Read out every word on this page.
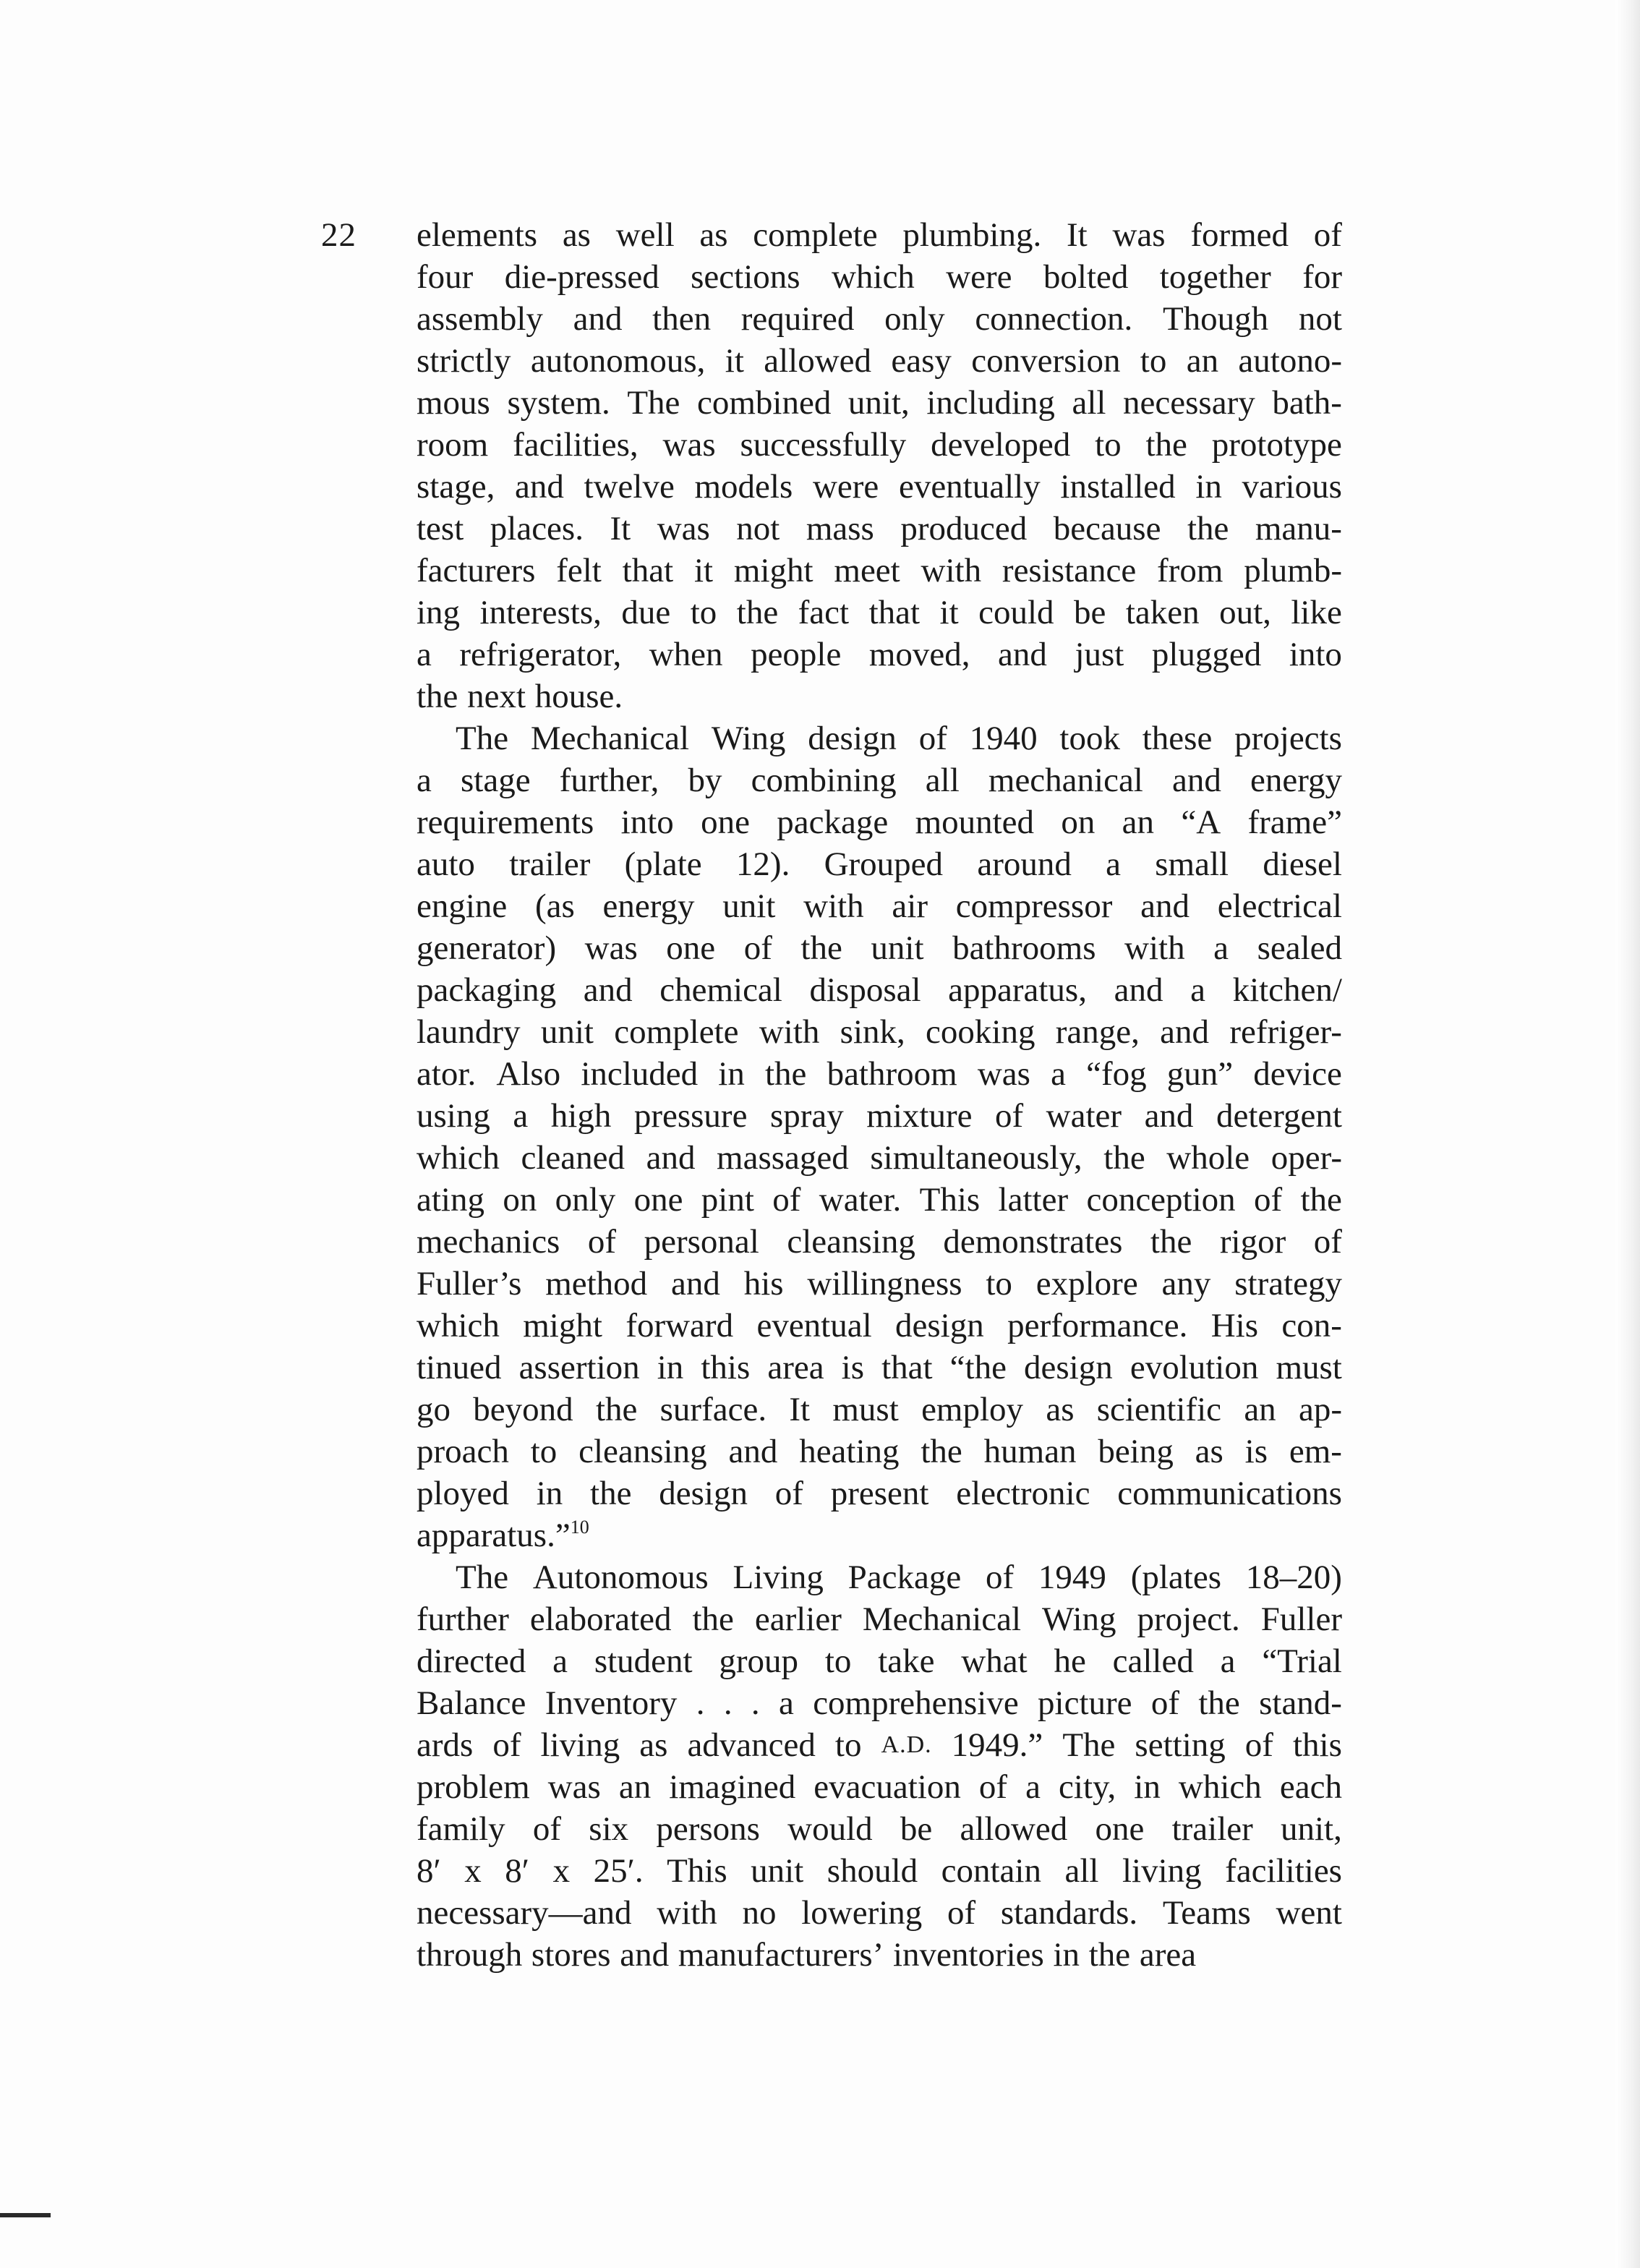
22 elements as well as complete plumbing. It was formed of
four die-pressed sections which were bolted together for
assembly and then required only connection. Though not
strictly autonomous, it allowed easy conversion to an autono-
mous system. The combined unit, including all necessary bath-
room facilities, was successfully developed to the prototype
stage, and twelve models were eventually installed in various
test places. It was not mass produced because the manu-
facturers felt that it might meet with resistance from plumb-
ing interests, due to the fact that it could be taken out, like
a refrigerator, when people moved, and just plugged into
the next house.
The Mechanical Wing design of 1940 took these projects
a stage further, by combining all mechanical and energy
requirements into one package mounted on an “A frame”
auto trailer (plate 12). Grouped around a small diesel
engine (as energy unit with air compressor and electrical
generator) was one of the unit bathrooms with a sealed
packaging and chemical disposal apparatus, and a kitchen/
laundry unit complete with sink, cooking range, and refriger-
ator. Also included in the bathroom was a “fog gun” device
using a high pressure spray mixture of water and detergent
which cleaned and massaged simultaneously, the whole oper-
ating on only one pint of water. This latter conception of the
mechanics of personal cleansing demonstrates the rigor of
Fuller’s method and his willingness to explore any strategy
which might forward eventual design performance. His con-
tinued assertion in this area is that “the design evolution must
go beyond the surface. It must employ as scientific an ap-
proach to cleansing and heating the human being as is em-
ployed in the design of present electronic communications
apparatus.”$^{10}$
The Autonomous Living Package of 1949 (plates 18–20)
further elaborated the earlier Mechanical Wing project. Fuller
directed a student group to take what he called a “Trial
Balance Inventory . . . a comprehensive picture of the stand-
ards of living as advanced to A.D. 1949.” The setting of this
problem was an imagined evacuation of a city, in which each
family of six persons would be allowed one trailer unit,
8′ x 8′ x 25′. This unit should contain all living facilities
necessary—and with no lowering of standards. Teams went
through stores and manufacturers’ inventories in the area
